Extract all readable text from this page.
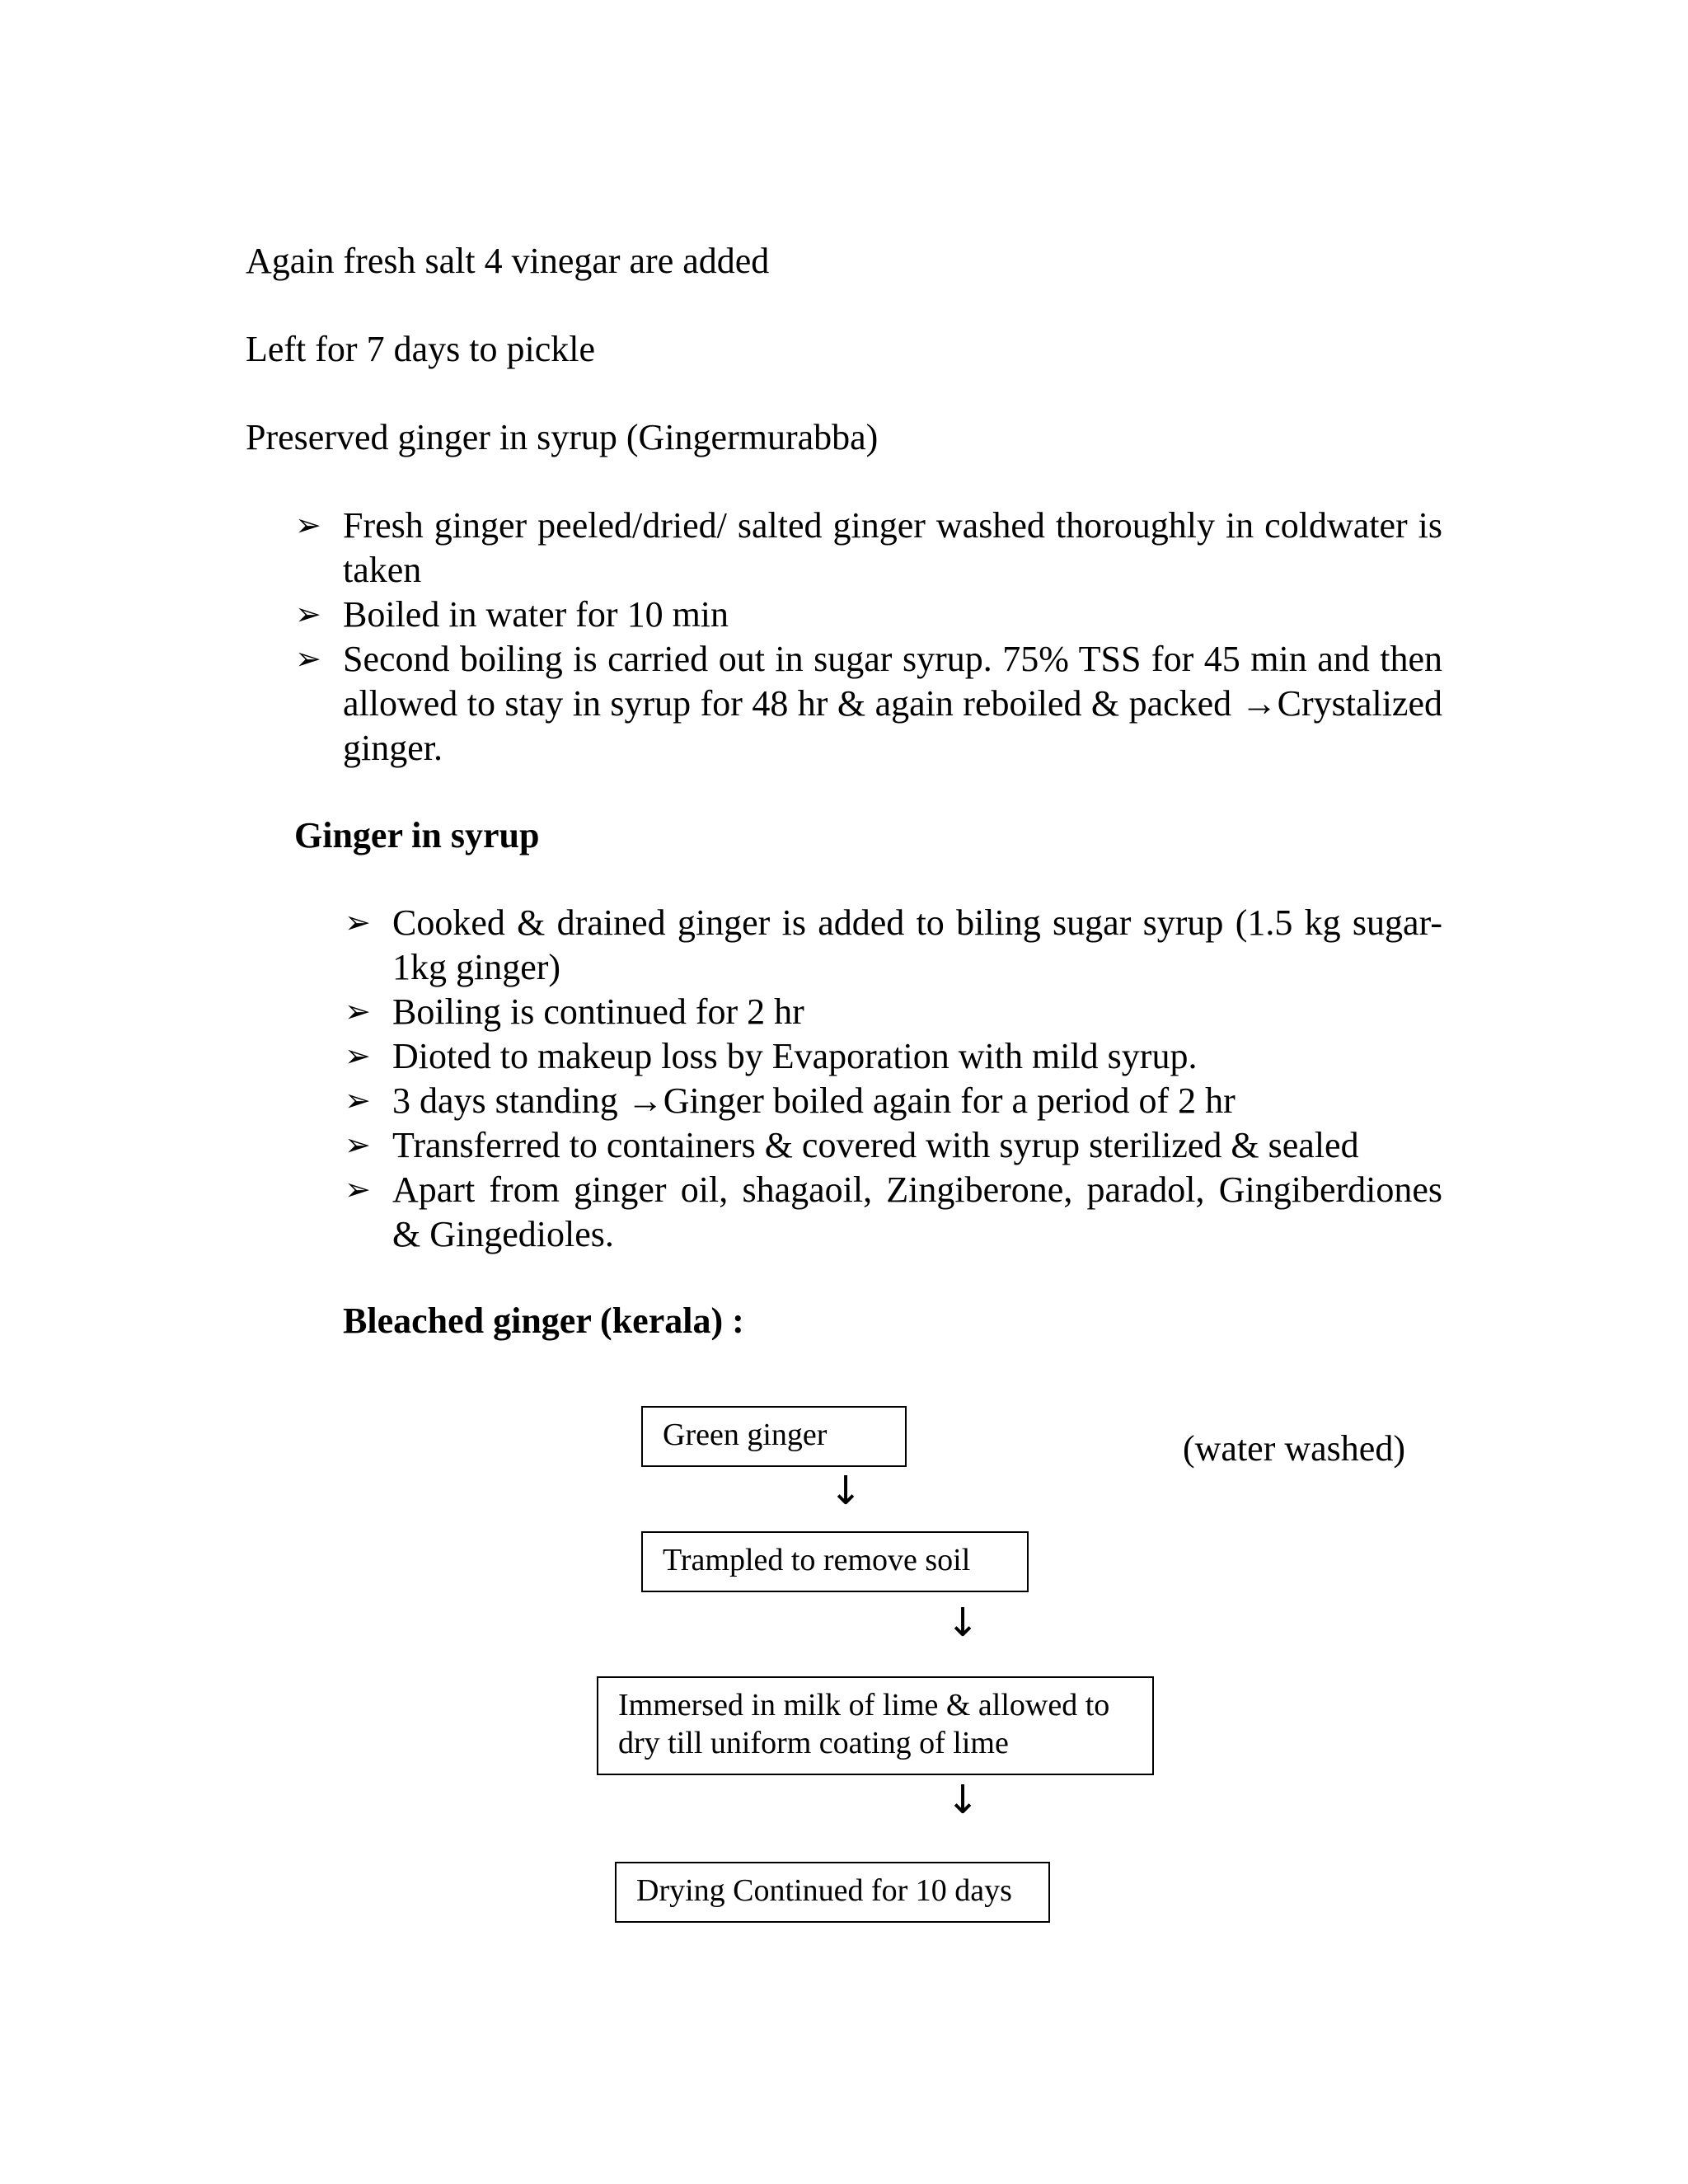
Again fresh salt 4 vinegar are added
Left for 7 days to pickle
Preserved ginger in syrup (Gingermurabba)
➢ Fresh ginger peeled/dried/ salted ginger washed thoroughly in coldwater is taken
➢ Boiled in water for 10 min
➢ Second boiling is carried out in sugar syrup. 75% TSS for 45 min and then allowed to stay in syrup for 48 hr & again reboiled & packed →Crystalized ginger.
Ginger in syrup
➢ Cooked & drained ginger is added to biling sugar syrup (1.5 kg sugar- 1kg ginger)
➢ Boiling is continued for 2 hr
➢ Dioted to makeup loss by Evaporation with mild syrup.
➢ 3 days standing →Ginger boiled again for a period of 2 hr
➢ Transferred to containers & covered with syrup sterilized & sealed
➢ Apart from ginger oil, shagaoil, Zingiberone, paradol, Gingiberdiones & Gingedioles.
Bleached ginger (kerala) :
Green ginger	(water washed)
↓
Trampled to remove soil
↓
Immersed in milk of lime & allowed to
dry till uniform coating of lime
↓
Drying Continued for 10 days
